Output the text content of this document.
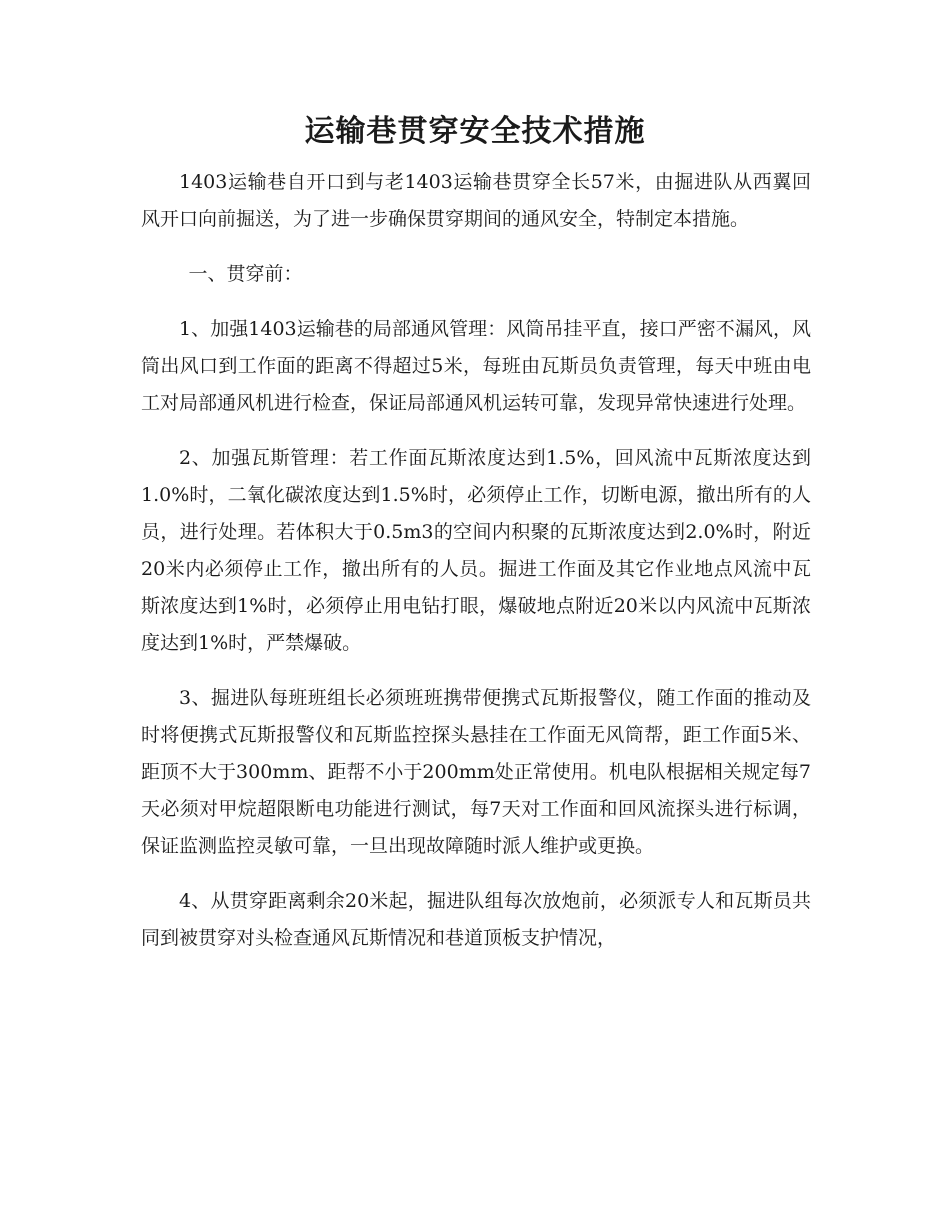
运输巷贯穿安全技术措施

1403运输巷自开口到与老1403运输巷贯穿全长57米，由掘进队从西翼回风开口向前掘送，为了进一步确保贯穿期间的通风安全，特制定本措施。

一、贯穿前：

1、加强1403运输巷的局部通风管理：风筒吊挂平直，接口严密不漏风，风筒出风口到工作面的距离不得超过5米，每班由瓦斯员负责管理，每天中班由电工对局部通风机进行检查，保证局部通风机运转可靠，发现异常快速进行处理。

2、加强瓦斯管理：若工作面瓦斯浓度达到1.5%，回风流中瓦斯浓度达到1.0%时，二氧化碳浓度达到1.5%时，必须停止工作，切断电源，撤出所有的人员，进行处理。若体积大于0.5m3的空间内积聚的瓦斯浓度达到2.0%时，附近20米内必须停止工作，撤出所有的人员。掘进工作面及其它作业地点风流中瓦斯浓度达到1%时，必须停止用电钻打眼，爆破地点附近20米以内风流中瓦斯浓度达到1%时，严禁爆破。

3、掘进队每班班组长必须班班携带便携式瓦斯报警仪，随工作面的推动及时将便携式瓦斯报警仪和瓦斯监控探头悬挂在工作面无风筒帮，距工作面5米、距顶不大于300mm、距帮不小于200mm处正常使用。机电队根据相关规定每7天必须对甲烷超限断电功能进行测试，每7天对工作面和回风流探头进行标调，保证监测监控灵敏可靠，一旦出现故障随时派人维护或更换。

4、从贯穿距离剩余20米起，掘进队组每次放炮前，必须派专人和瓦斯员共同到被贯穿对头检查通风瓦斯情况和巷道顶板支护情况，
